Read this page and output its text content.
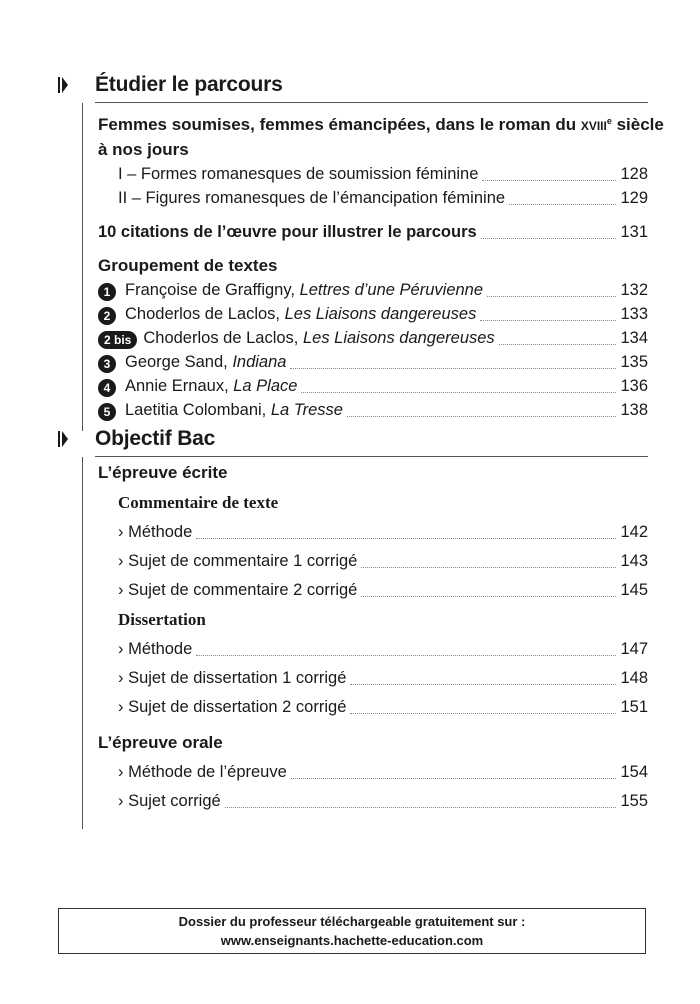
Étudier le parcours
Femmes soumises, femmes émancipées, dans le roman du XVIIIe siècle
à nos jours
I – Formes romanesques de soumission féminine	128
II – Figures romanesques de l’émancipation féminine	129
10 citations de l’œuvre pour illustrer le parcours	131
Groupement de textes
1 Françoise de Graffigny, Lettres d’une Péruvienne	132
2 Choderlos de Laclos, Les Liaisons dangereuses	133
2 bis Choderlos de Laclos, Les Liaisons dangereuses	134
3 George Sand, Indiana	135
4 Annie Ernaux, La Place	136
5 Laetitia Colombani, La Tresse	138
Objectif Bac
L’épreuve écrite
Commentaire de texte
› Méthode	142
› Sujet de commentaire 1 corrigé	143
› Sujet de commentaire 2 corrigé	145
Dissertation
› Méthode	147
› Sujet de dissertation 1 corrigé	148
› Sujet de dissertation 2 corrigé	151
L’épreuve orale
› Méthode de l’épreuve	154
› Sujet corrigé	155
Dossier du professeur téléchargeable gratuitement sur :
www.enseignants.hachette-education.com
